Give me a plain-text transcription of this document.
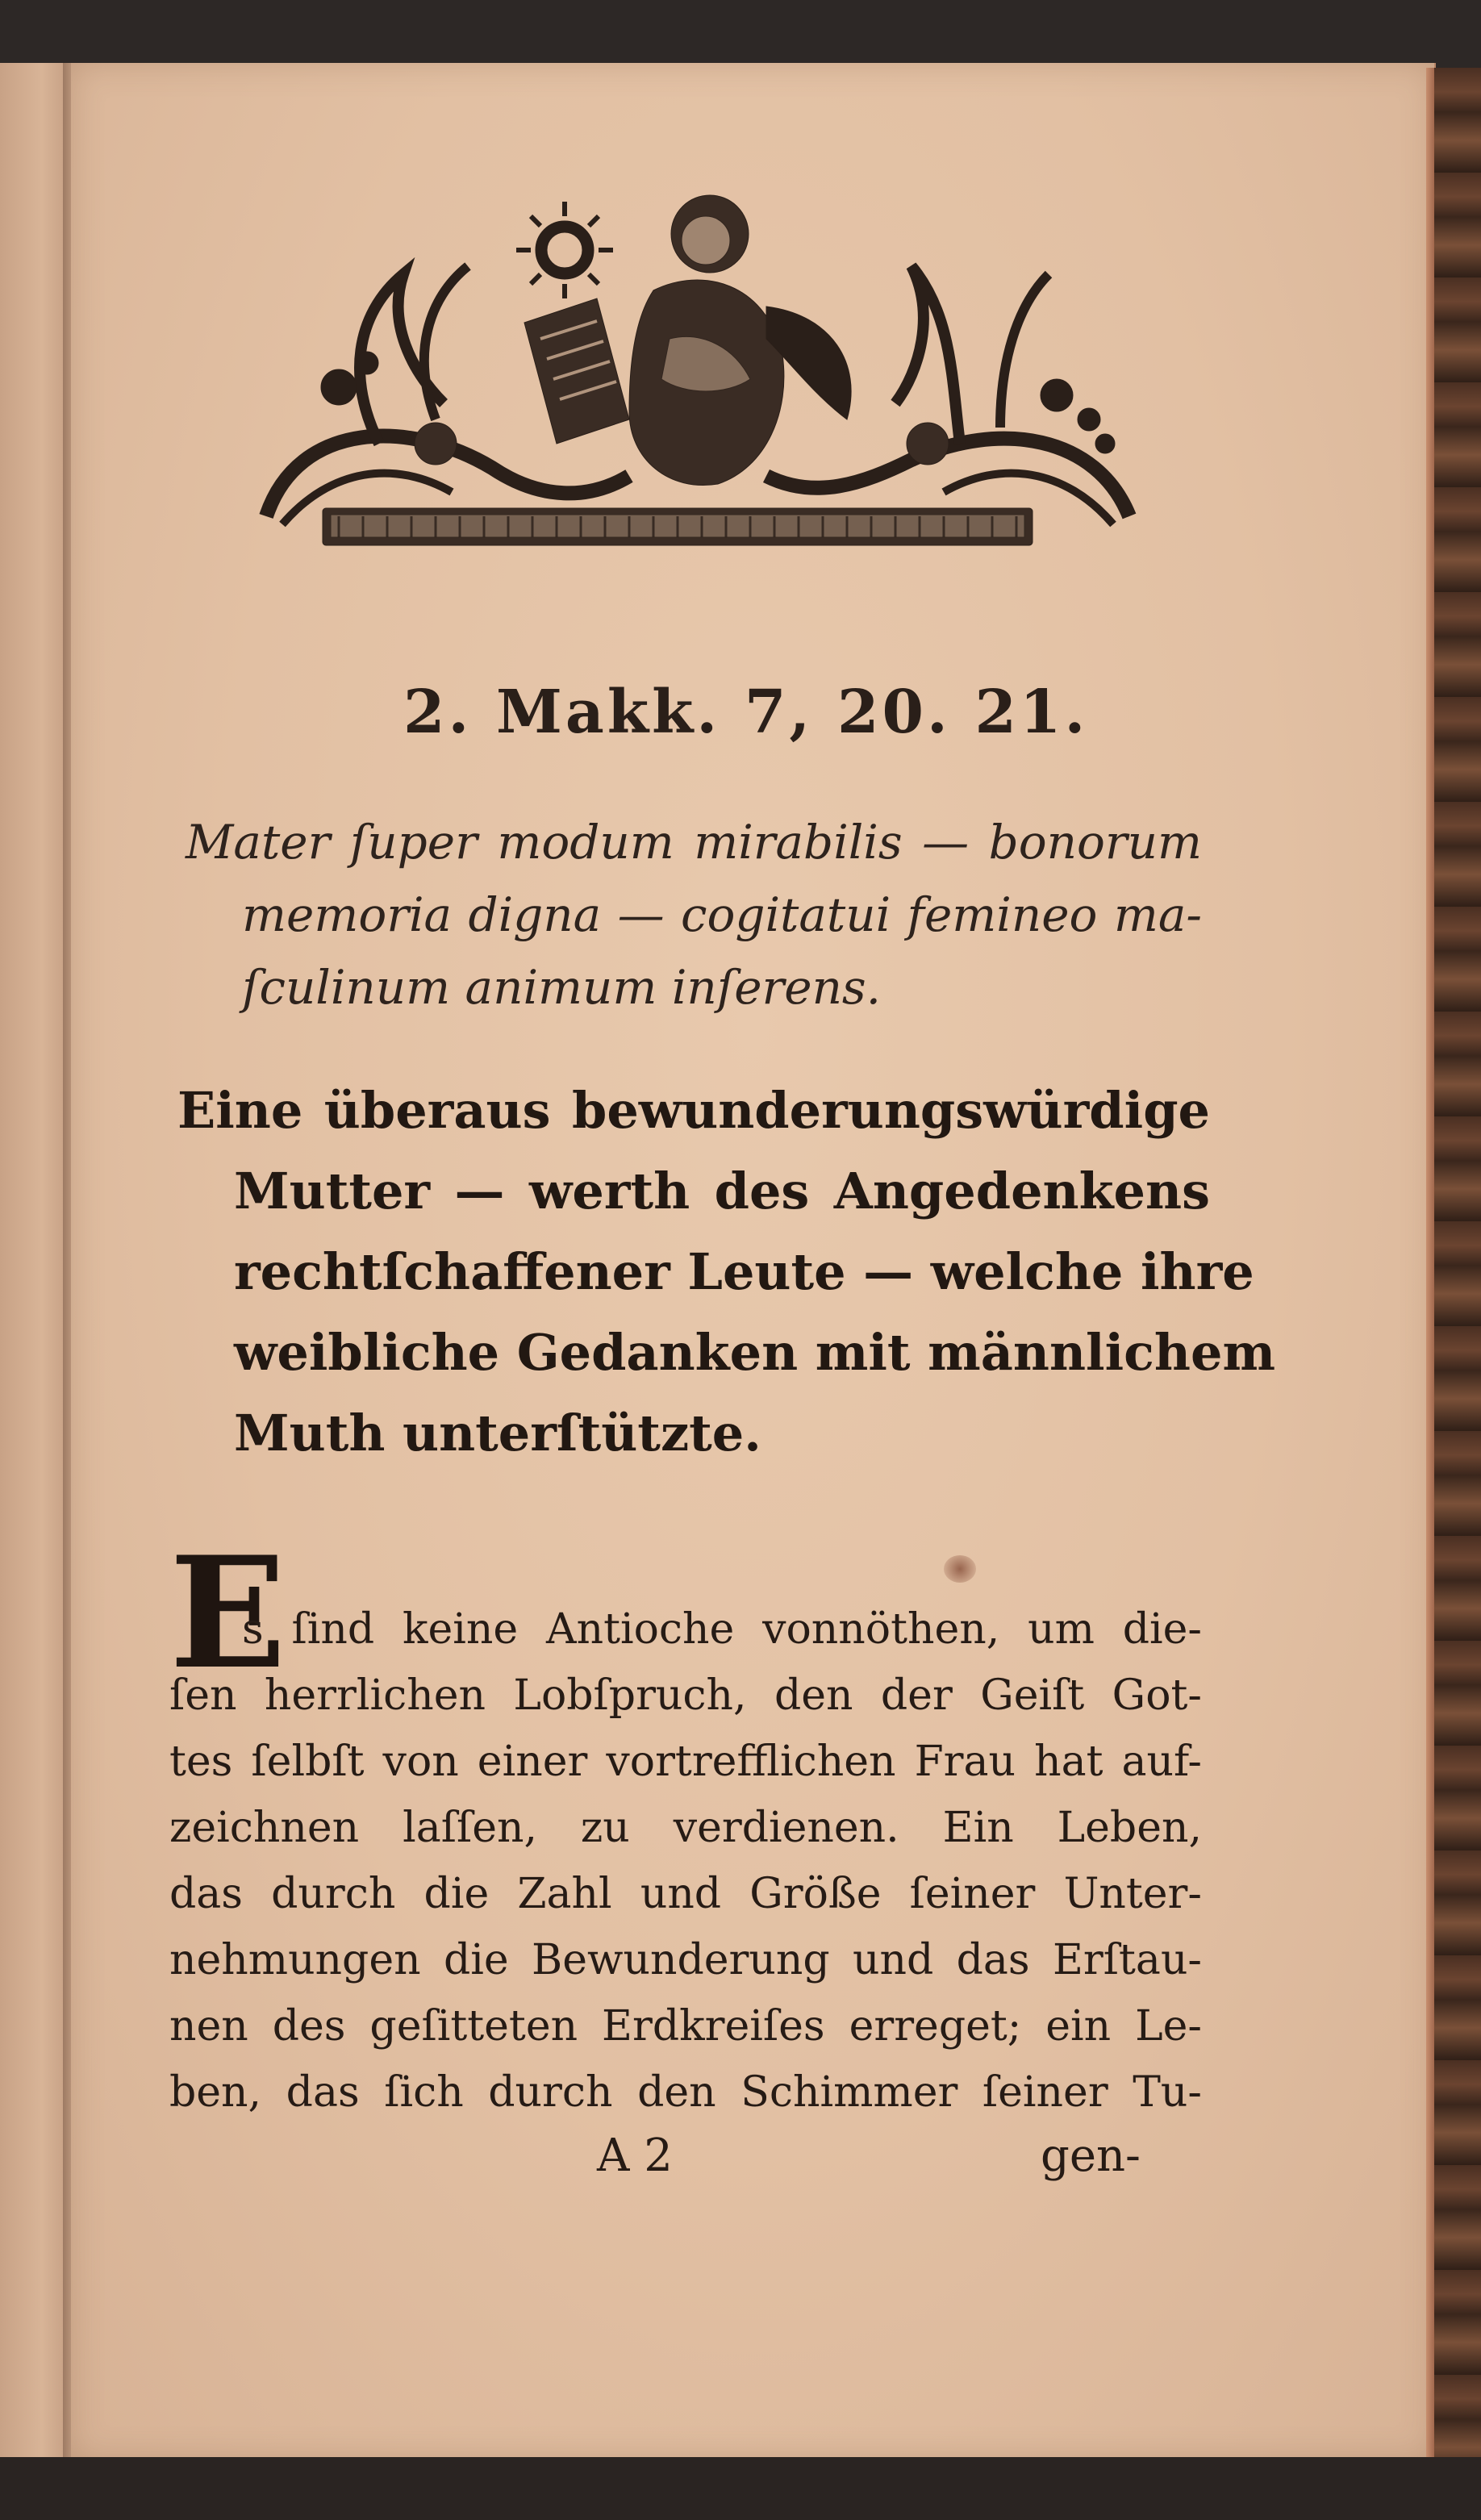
2. Makk. 7, 20. 21.
Mater ſuper modum mirabilis — bonorum
memoria digna — cogitatui femineo ma-
ſculinum animum inſerens.
Eine überaus bewunderungswürdige
Mutter — werth des Angedenkens
rechtſchaffener Leute — welche ihre
weibliche Gedanken mit männlichem
Muth unterſtützte.
E
s ſind keine Antioche vonnöthen, um die-
ſen herrlichen Lobſpruch, den der Geiſt Got-
tes ſelbſt von einer vortrefflichen Frau hat auf-
zeichnen laſſen, zu verdienen. Ein Leben,
das durch die Zahl und Größe ſeiner Unter-
nehmungen die Bewunderung und das Erſtau-
nen des geſitteten Erdkreiſes erreget; ein Le-
ben, das ſich durch den Schimmer ſeiner Tu-
A 2	gen-
